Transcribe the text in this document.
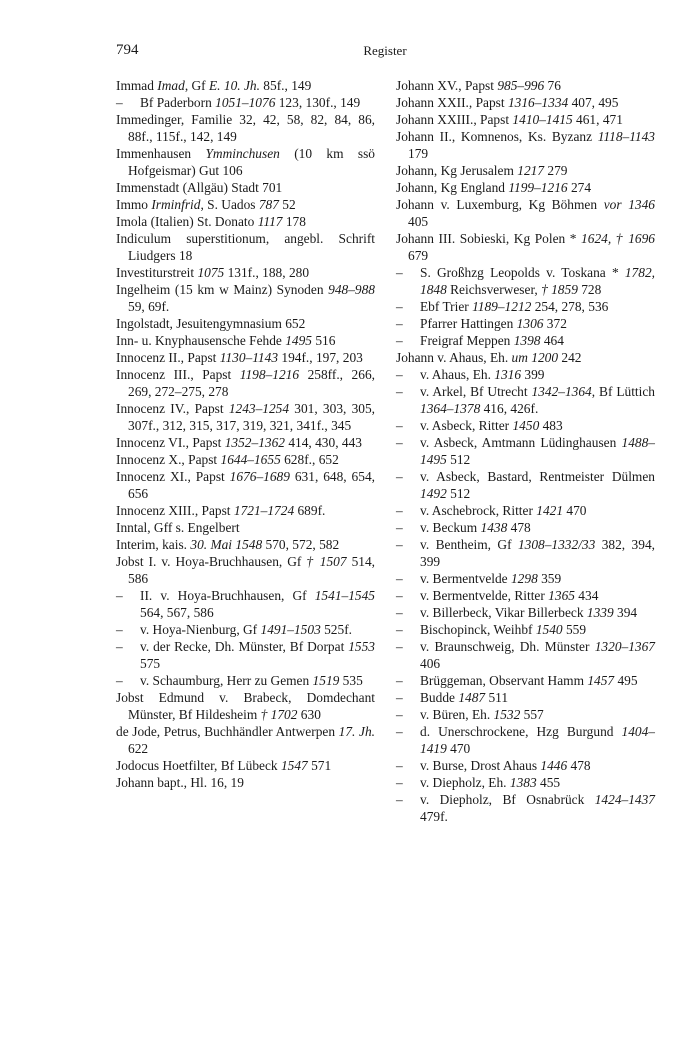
794	Register

Immad Imad, Gf E. 10. Jh. 85f., 149

– Bf Paderborn 1051–1076 123, 130f., 149

Immedinger, Familie 32, 42, 58, 82, 84, 86, 88f., 115f., 142, 149

Immenhausen Ymminchusen (10 km ssö Hofgeismar) Gut 106

Immenstadt (Allgäu) Stadt 701

Immo Irminfrid, S. Uados 787 52

Imola (Italien) St. Donato 1117 178

Indiculum superstitionum, angebl. Schrift Liudgers 18

Investiturstreit 1075 131f., 188, 280

Ingelheim (15 km w Mainz) Synoden 948–988 59, 69f.

Ingolstadt, Jesuitengymnasium 652

Inn- u. Knyphausensche Fehde 1495 516

Innocenz II., Papst 1130–1143 194f., 197, 203

Innocenz III., Papst 1198–1216 258ff., 266, 269, 272–275, 278

Innocenz IV., Papst 1243–1254 301, 303, 305, 307f., 312, 315, 317, 319, 321, 341f., 345

Innocenz VI., Papst 1352–1362 414, 430, 443

Innocenz X., Papst 1644–1655 628f., 652

Innocenz XI., Papst 1676–1689 631, 648, 654, 656

Innocenz XIII., Papst 1721–1724 689f.

Inntal, Gff s. Engelbert

Interim, kais. 30. Mai 1548 570, 572, 582

Jobst I. v. Hoya-Bruchhausen, Gf † 1507 514, 586

– II. v. Hoya-Bruchhausen, Gf 1541–1545 564, 567, 586

– v. Hoya-Nienburg, Gf 1491–1503 525f.

– v. der Recke, Dh. Münster, Bf Dorpat 1553 575

– v. Schaumburg, Herr zu Gemen 1519 535

Jobst Edmund v. Brabeck, Domdechant Münster, Bf Hildesheim † 1702 630

de Jode, Petrus, Buchhändler Antwerpen 17. Jh. 622

Jodocus Hoetfilter, Bf Lübeck 1547 571

Johann bapt., Hl. 16, 19

Johann XV., Papst 985–996 76

Johann XXII., Papst 1316–1334 407, 495

Johann XXIII., Papst 1410–1415 461, 471

Johann II., Komnenos, Ks. Byzanz 1118–1143 179

Johann, Kg Jerusalem 1217 279

Johann, Kg England 1199–1216 274

Johann v. Luxemburg, Kg Böhmen vor 1346 405

Johann III. Sobieski, Kg Polen * 1624, † 1696 679

– S. Großhzg Leopolds v. Toskana * 1782, 1848 Reichsverweser, † 1859 728

– Ebf Trier 1189–1212 254, 278, 536

– Pfarrer Hattingen 1306 372

– Freigraf Meppen 1398 464

Johann v. Ahaus, Eh. um 1200 242

– v. Ahaus, Eh. 1316 399

– v. Arkel, Bf Utrecht 1342–1364, Bf Lüttich 1364–1378 416, 426f.

– v. Asbeck, Ritter 1450 483

– v. Asbeck, Amtmann Lüdinghausen 1488–1495 512

– v. Asbeck, Bastard, Rentmeister Dülmen 1492 512

– v. Aschebrock, Ritter 1421 470

– v. Beckum 1438 478

– v. Bentheim, Gf 1308–1332/33 382, 394, 399

– v. Bermentvelde 1298 359

– v. Bermentvelde, Ritter 1365 434

– v. Billerbeck, Vikar Billerbeck 1339 394

– Bischopinck, Weihbf 1540 559

– v. Braunschweig, Dh. Münster 1320–1367 406

– Brüggeman, Observant Hamm 1457 495

– Budde 1487 511

– v. Büren, Eh. 1532 557

– d. Unerschrockene, Hzg Burgund 1404–1419 470

– v. Burse, Drost Ahaus 1446 478

– v. Diepholz, Eh. 1383 455

– v. Diepholz, Bf Osnabrück 1424–1437 479f.
